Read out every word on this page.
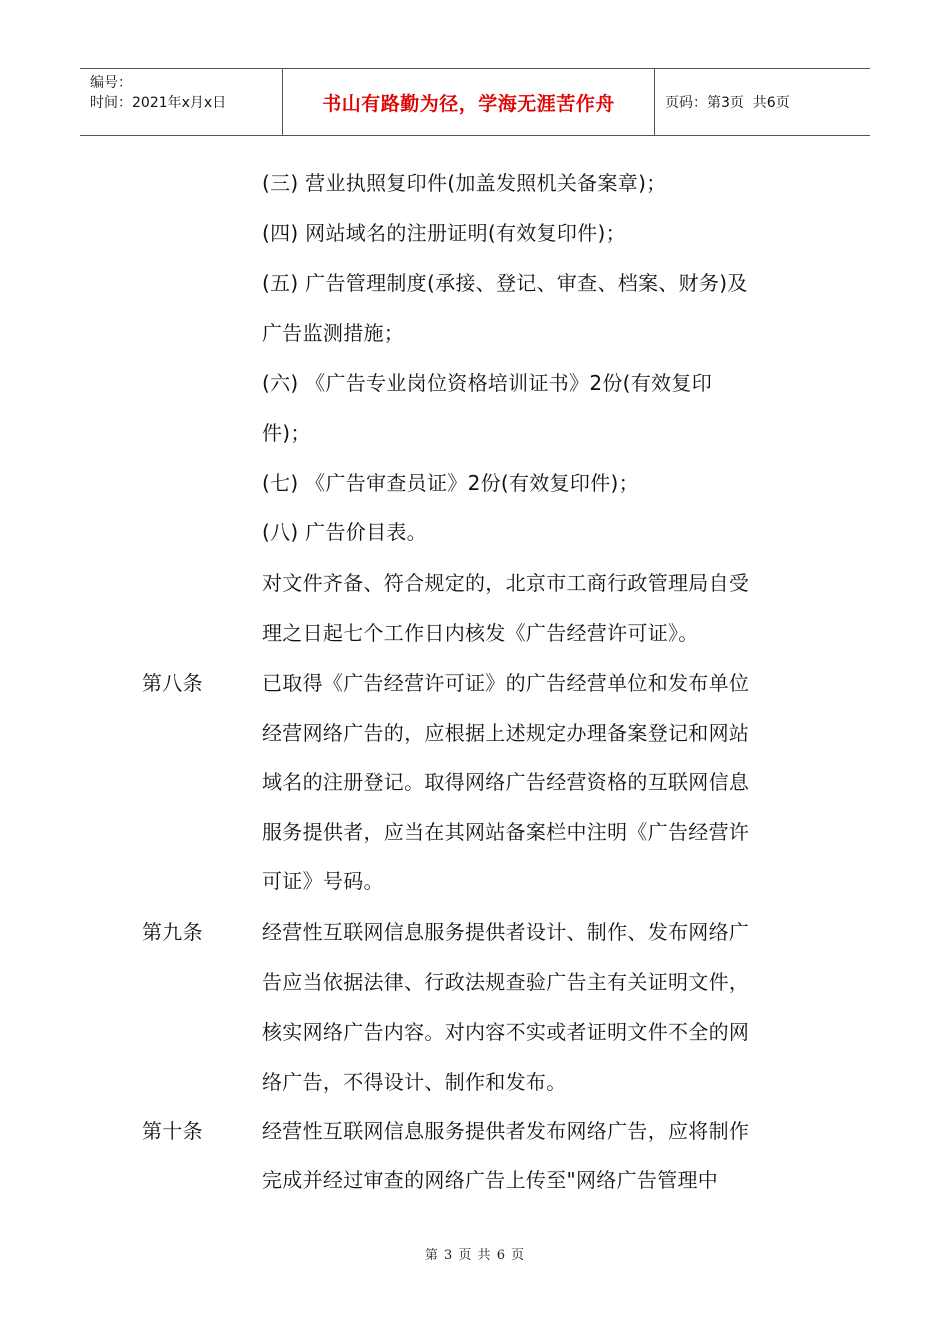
编号：
时间：2021年x月x日	书山有路勤为径，学海无涯苦作舟	页码：第3页  共6页
(三) 营业执照复印件(加盖发照机关备案章)；
(四) 网站域名的注册证明(有效复印件)；
(五) 广告管理制度(承接、登记、审查、档案、财务)及
广告监测措施；
(六) 《广告专业岗位资格培训证书》2份(有效复印
件)；
(七) 《广告审查员证》2份(有效复印件)；
(八) 广告价目表。
对文件齐备、符合规定的，北京市工商行政管理局自受
理之日起七个工作日内核发《广告经营许可证》。
第八条	已取得《广告经营许可证》的广告经营单位和发布单位
经营网络广告的，应根据上述规定办理备案登记和网站
域名的注册登记。取得网络广告经营资格的互联网信息
服务提供者，应当在其网站备案栏中注明《广告经营许
可证》号码。
第九条	经营性互联网信息服务提供者设计、制作、发布网络广
告应当依据法律、行政法规查验广告主有关证明文件，
核实网络广告内容。对内容不实或者证明文件不全的网
络广告，不得设计、制作和发布。
第十条	经营性互联网信息服务提供者发布网络广告，应将制作
完成并经过审查的网络广告上传至"网络广告管理中
第 3 页 共 6 页
